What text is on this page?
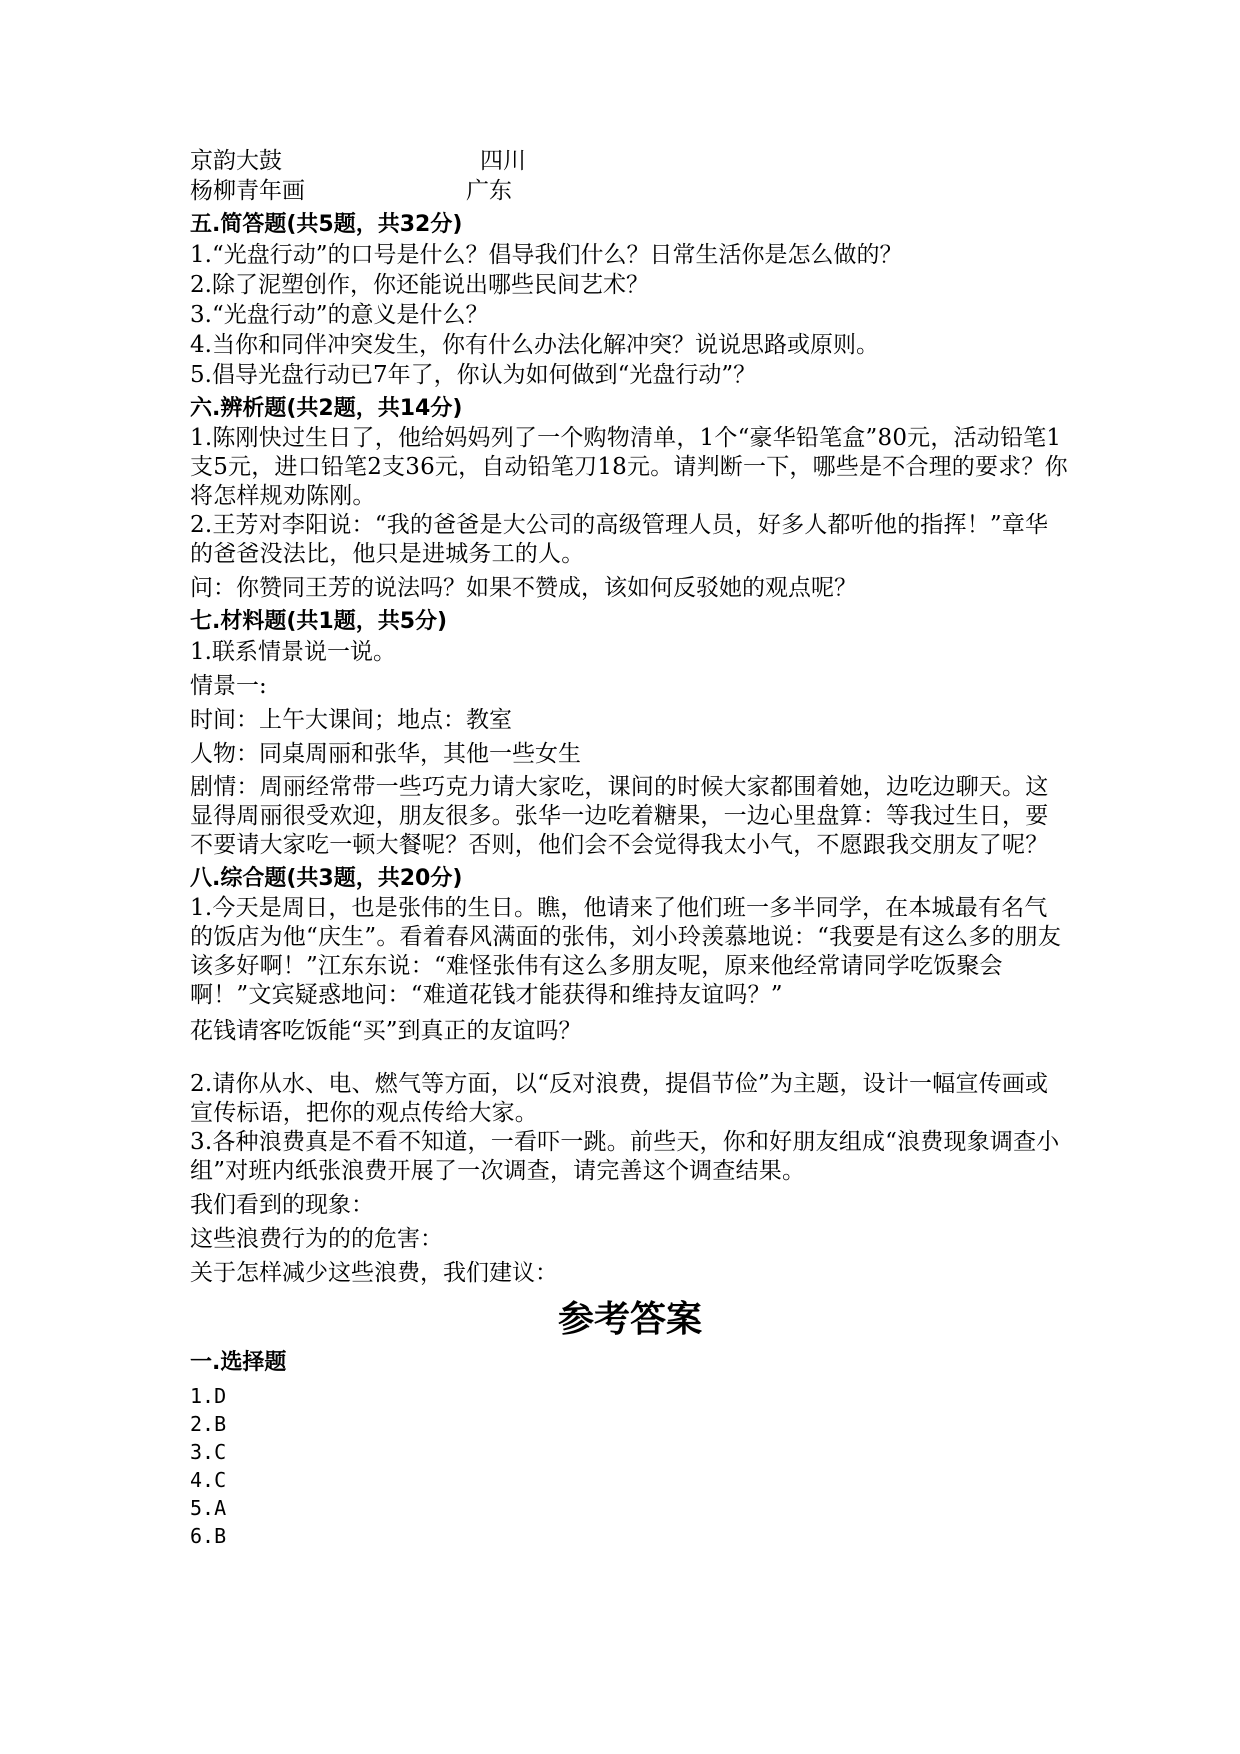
京韵大鼓	四川
杨柳青年画	广东
五.简答题(共5题，共32分)
1.“光盘行动”的口号是什么？倡导我们什么？日常生活你是怎么做的？
2.除了泥塑创作，你还能说出哪些民间艺术？
3.“光盘行动”的意义是什么？
4.当你和同伴冲突发生，你有什么办法化解冲突？说说思路或原则。
5.倡导光盘行动已7年了，你认为如何做到“光盘行动”？
六.辨析题(共2题，共14分)
1.陈刚快过生日了，他给妈妈列了一个购物清单，1个“豪华铅笔盒”80元，活动铅笔1支5元，进口铅笔2支36元，自动铅笔刀18元。请判断一下，哪些是不合理的要求？你将怎样规劝陈刚。
2.王芳对李阳说：“我的爸爸是大公司的高级管理人员，好多人都听他的指挥！”章华的爸爸没法比，他只是进城务工的人。
问：你赞同王芳的说法吗？如果不赞成，该如何反驳她的观点呢？
七.材料题(共1题，共5分)
1.联系情景说一说。
情景一:
时间：上午大课间；地点：教室
人物：同桌周丽和张华，其他一些女生
剧情：周丽经常带一些巧克力请大家吃，课间的时候大家都围着她，边吃边聊天。这显得周丽很受欢迎，朋友很多。张华一边吃着糖果，一边心里盘算：等我过生日，要不要请大家吃一顿大餐呢？否则，他们会不会觉得我太小气，不愿跟我交朋友了呢？
八.综合题(共3题，共20分)
1.今天是周日，也是张伟的生日。瞧，他请来了他们班一多半同学，在本城最有名气的饭店为他“庆生”。看着春风满面的张伟，刘小玲羡慕地说：“我要是有这么多的朋友该多好啊！”江东东说：“难怪张伟有这么多朋友呢，原来他经常请同学吃饭聚会啊！”文宾疑惑地问：“难道花钱才能获得和维持友谊吗？”
花钱请客吃饭能“买”到真正的友谊吗？
2.请你从水、电、燃气等方面，以“反对浪费，提倡节俭”为主题，设计一幅宣传画或宣传标语，把你的观点传给大家。
3.各种浪费真是不看不知道，一看吓一跳。前些天，你和好朋友组成“浪费现象调查小组”对班内纸张浪费开展了一次调查，请完善这个调查结果。
我们看到的现象：
这些浪费行为的的危害：
关于怎样减少这些浪费，我们建议：
参考答案
一.选择题
1.D
2.B
3.C
4.C
5.A
6.B
